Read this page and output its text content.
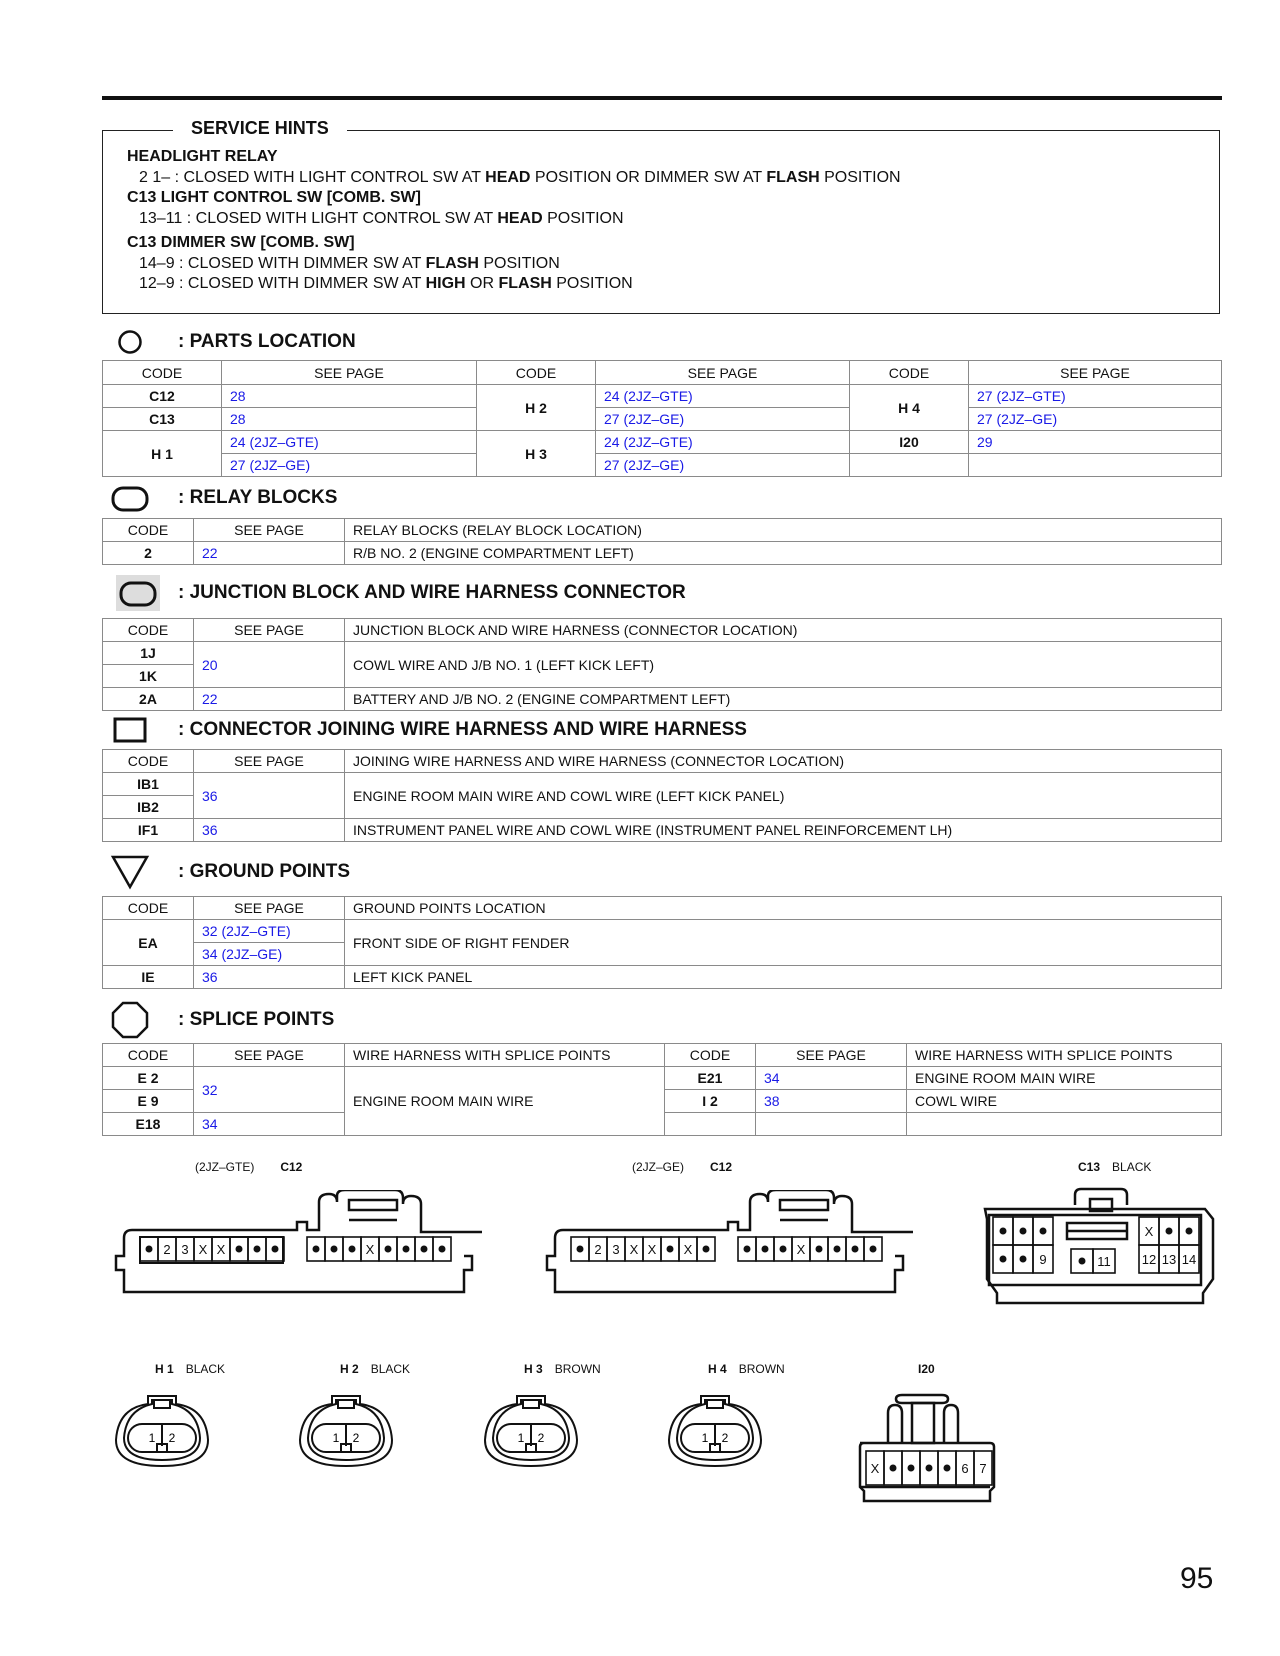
SERVICE HINTS
HEADLIGHT RELAY
2 1– : CLOSED WITH LIGHT CONTROL SW AT HEAD POSITION OR DIMMER SW AT FLASH POSITION
C13 LIGHT CONTROL SW [COMB. SW]
13–11 : CLOSED WITH LIGHT CONTROL SW AT HEAD POSITION
C13 DIMMER SW [COMB. SW]
14–9 : CLOSED WITH DIMMER SW AT FLASH POSITION
12–9 : CLOSED WITH DIMMER SW AT HIGH OR FLASH POSITION
: PARTS LOCATION
CODE	SEE PAGE	CODE	SEE PAGE	CODE	SEE PAGE
C12	28	H 2	24 (2JZ–GTE)	H 4	27 (2JZ–GTE)
C13	28		27 (2JZ–GE)		27 (2JZ–GE)
H 1	24 (2JZ–GTE)	H 3	24 (2JZ–GTE)	I20	29
	27 (2JZ–GE)		27 (2JZ–GE)		
: RELAY BLOCKS
CODE	SEE PAGE	RELAY BLOCKS (RELAY BLOCK LOCATION)
2	22	R/B NO. 2 (ENGINE COMPARTMENT LEFT)
: JUNCTION BLOCK AND WIRE HARNESS CONNECTOR
CODE	SEE PAGE	JUNCTION BLOCK AND WIRE HARNESS (CONNECTOR LOCATION)
1J	20	COWL WIRE AND J/B NO. 1 (LEFT KICK LEFT)
1K		
2A	22	BATTERY AND J/B NO. 2 (ENGINE COMPARTMENT LEFT)
: CONNECTOR JOINING WIRE HARNESS AND WIRE HARNESS
CODE	SEE PAGE	JOINING WIRE HARNESS AND WIRE HARNESS (CONNECTOR LOCATION)
IB1	36	ENGINE ROOM MAIN WIRE AND COWL WIRE (LEFT KICK PANEL)
IB2		
IF1	36	INSTRUMENT PANEL WIRE AND COWL WIRE (INSTRUMENT PANEL REINFORCEMENT LH)
: GROUND POINTS
CODE	SEE PAGE	GROUND POINTS LOCATION
EA	32 (2JZ–GTE)	FRONT SIDE OF RIGHT FENDER
	34 (2JZ–GE)	
IE	36	LEFT KICK PANEL
: SPLICE POINTS
CODE	SEE PAGE	WIRE HARNESS WITH SPLICE POINTS	CODE	SEE PAGE	WIRE HARNESS WITH SPLICE POINTS
E 2	32	ENGINE ROOM MAIN WIRE	E21	34	ENGINE ROOM MAIN WIRE
E 9			I 2	38	COWL WIRE
E18	34				
(2JZ–GTE) C12	(2JZ–GE) C12	C13 BLACK
2 3 X X	X	2 3 X X X	X
9	11
X
12 13 14
H 1 BLACK	H 2 BLACK	H 3 BROWN	H 4 BROWN	I20
1 2	1 2	1 2	1 2
X	6 7
95
